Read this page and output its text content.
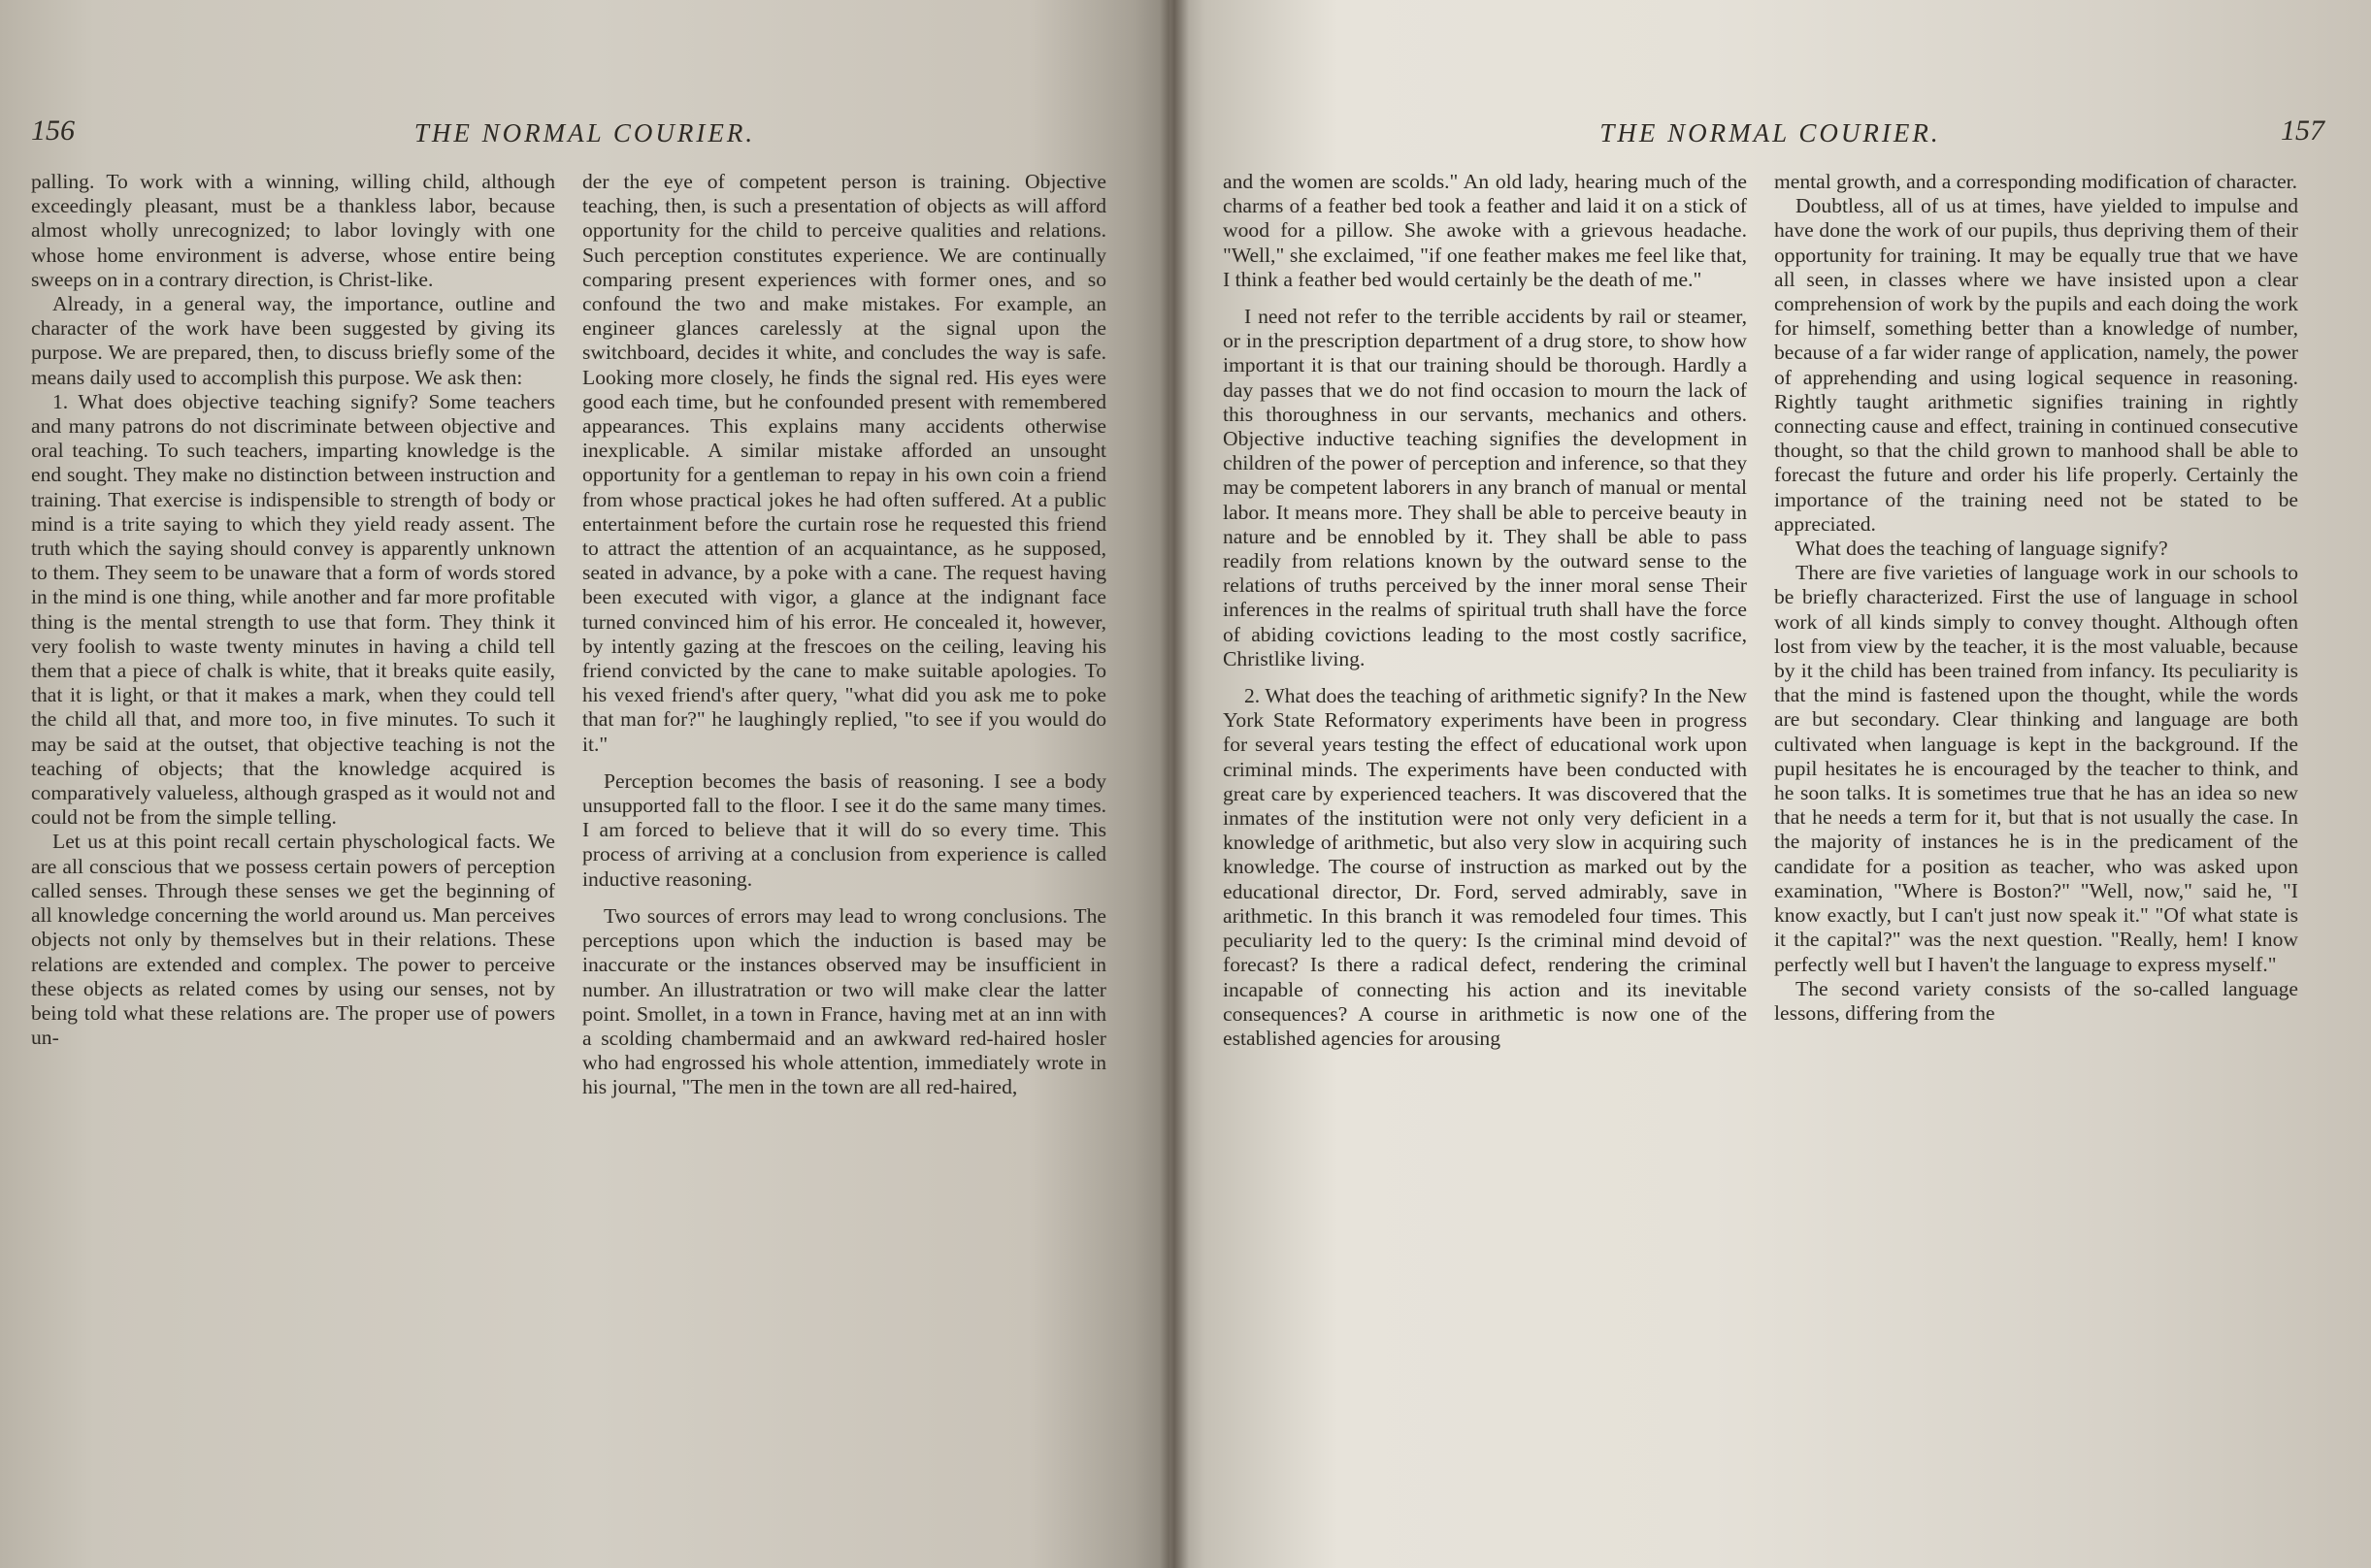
156	THE NORMAL COURIER.

palling. To work with a winning, willing child, although exceedingly pleasant, must be a thankless labor, because almost wholly unrecognized; to labor lovingly with one whose home environment is adverse, whose entire being sweeps on in a contrary direction, is Christ-like.

Already, in a general way, the importance, outline and character of the work have been suggested by giving its purpose. We are prepared, then, to discuss briefly some of the means daily used to accomplish this purpose. We ask then:

1. What does objective teaching signify? Some teachers and many patrons do not discriminate between objective and oral teaching. To such teachers, imparting knowledge is the end sought. They make no distinction between instruction and training. That exercise is indispensible to strength of body or mind is a trite saying to which they yield ready assent. The truth which the saying should convey is apparently unknown to them. They seem to be unaware that a form of words stored in the mind is one thing, while another and far more profitable thing is the mental strength to use that form. They think it very foolish to waste twenty minutes in having a child tell them that a piece of chalk is white, that it breaks quite easily, that it is light, or that it makes a mark, when they could tell the child all that, and more too, in five minutes. To such it may be said at the outset, that objective teaching is not the teaching of objects; that the knowledge acquired is comparatively valueless, although grasped as it would not and could not be from the simple telling.

Let us at this point recall certain physchological facts. We are all conscious that we possess certain powers of perception called senses. Through these senses we get the beginning of all knowledge concerning the world around us. Man perceives objects not only by themselves but in their relations. These relations are extended and complex. The power to perceive these objects as related comes by using our senses, not by being told what these relations are. The proper use of powers un-

der the eye of competent person is training. Objective teaching, then, is such a presentation of objects as will afford opportunity for the child to perceive qualities and relations. Such perception constitutes experience. We are continually comparing present experiences with former ones, and so confound the two and make mistakes. For example, an engineer glances carelessly at the signal upon the switchboard, decides it white, and concludes the way is safe. Looking more closely, he finds the signal red. His eyes were good each time, but he confounded present with remembered appearances. This explains many accidents otherwise inexplicable. A similar mistake afforded an unsought opportunity for a gentleman to repay in his own coin a friend from whose practical jokes he had often suffered. At a public entertainment before the curtain rose he requested this friend to attract the attention of an acquaintance, as he supposed, seated in advance, by a poke with a cane. The request having been executed with vigor, a glance at the indignant face turned convinced him of his error. He concealed it, however, by intently gazing at the frescoes on the ceiling, leaving his friend convicted by the cane to make suitable apologies. To his vexed friend's after query, "what did you ask me to poke that man for?" he laughingly replied, "to see if you would do it."

Perception becomes the basis of reasoning. I see a body unsupported fall to the floor. I see it do the same many times. I am forced to believe that it will do so every time. This process of arriving at a conclusion from experience is called inductive reasoning.

Two sources of errors may lead to wrong conclusions. The perceptions upon which the induction is based may be inaccurate or the instances observed may be insufficient in number. An illustratration or two will make clear the latter point. Smollet, in a town in France, having met at an inn with a scolding chambermaid and an awkward red-haired hosler who had engrossed his whole attention, immediately wrote in his journal, "The men in the town are all red-haired,

157
THE NORMAL COURIER.

and the women are scolds." An old lady, hearing much of the charms of a feather bed took a feather and laid it on a stick of wood for a pillow. She awoke with a grievous headache. "Well," she exclaimed, "if one feather makes me feel like that, I think a feather bed would certainly be the death of me."

I need not refer to the terrible accidents by rail or steamer, or in the prescription department of a drug store, to show how important it is that our training should be thorough. Hardly a day passes that we do not find occasion to mourn the lack of this thoroughness in our servants, mechanics and others. Objective inductive teaching signifies the development in children of the power of perception and inference, so that they may be competent laborers in any branch of manual or mental labor. It means more. They shall be able to perceive beauty in nature and be ennobled by it. They shall be able to pass readily from relations known by the outward sense to the relations of truths perceived by the inner moral sense Their inferences in the realms of spiritual truth shall have the force of abiding covictions leading to the most costly sacrifice, Christlike living.

2. What does the teaching of arithmetic signify? In the New York State Reformatory experiments have been in progress for several years testing the effect of educational work upon criminal minds. The experiments have been conducted with great care by experienced teachers. It was discovered that the inmates of the institution were not only very deficient in a knowledge of arithmetic, but also very slow in acquiring such knowledge. The course of instruction as marked out by the educational director, Dr. Ford, served admirably, save in arithmetic. In this branch it was remodeled four times. This peculiarity led to the query: Is the criminal mind devoid of forecast? Is there a radical defect, rendering the criminal incapable of connecting his action and its inevitable consequences? A course in arithmetic is now one of the established agencies for arousing

mental growth, and a corresponding modification of character.

Doubtless, all of us at times, have yielded to impulse and have done the work of our pupils, thus depriving them of their opportunity for training. It may be equally true that we have all seen, in classes where we have insisted upon a clear comprehension of work by the pupils and each doing the work for himself, something better than a knowledge of number, because of a far wider range of application, namely, the power of apprehending and using logical sequence in reasoning. Rightly taught arithmetic signifies training in rightly connecting cause and effect, training in continued consecutive thought, so that the child grown to manhood shall be able to forecast the future and order his life properly. Certainly the importance of the training need not be stated to be appreciated.

What does the teaching of language signify?

There are five varieties of language work in our schools to be briefly characterized. First the use of language in school work of all kinds simply to convey thought. Although often lost from view by the teacher, it is the most valuable, because by it the child has been trained from infancy. Its peculiarity is that the mind is fastened upon the thought, while the words are but secondary. Clear thinking and language are both cultivated when language is kept in the background. If the pupil hesitates he is encouraged by the teacher to think, and he soon talks. It is sometimes true that he has an idea so new that he needs a term for it, but that is not usually the case. In the majority of instances he is in the predicament of the candidate for a position as teacher, who was asked upon examination, "Where is Boston?" "Well, now," said he, "I know exactly, but I can't just now speak it." "Of what state is it the capital?" was the next question. "Really, hem! I know perfectly well but I haven't the language to express myself."

The second variety consists of the so-called language lessons, differing from the
